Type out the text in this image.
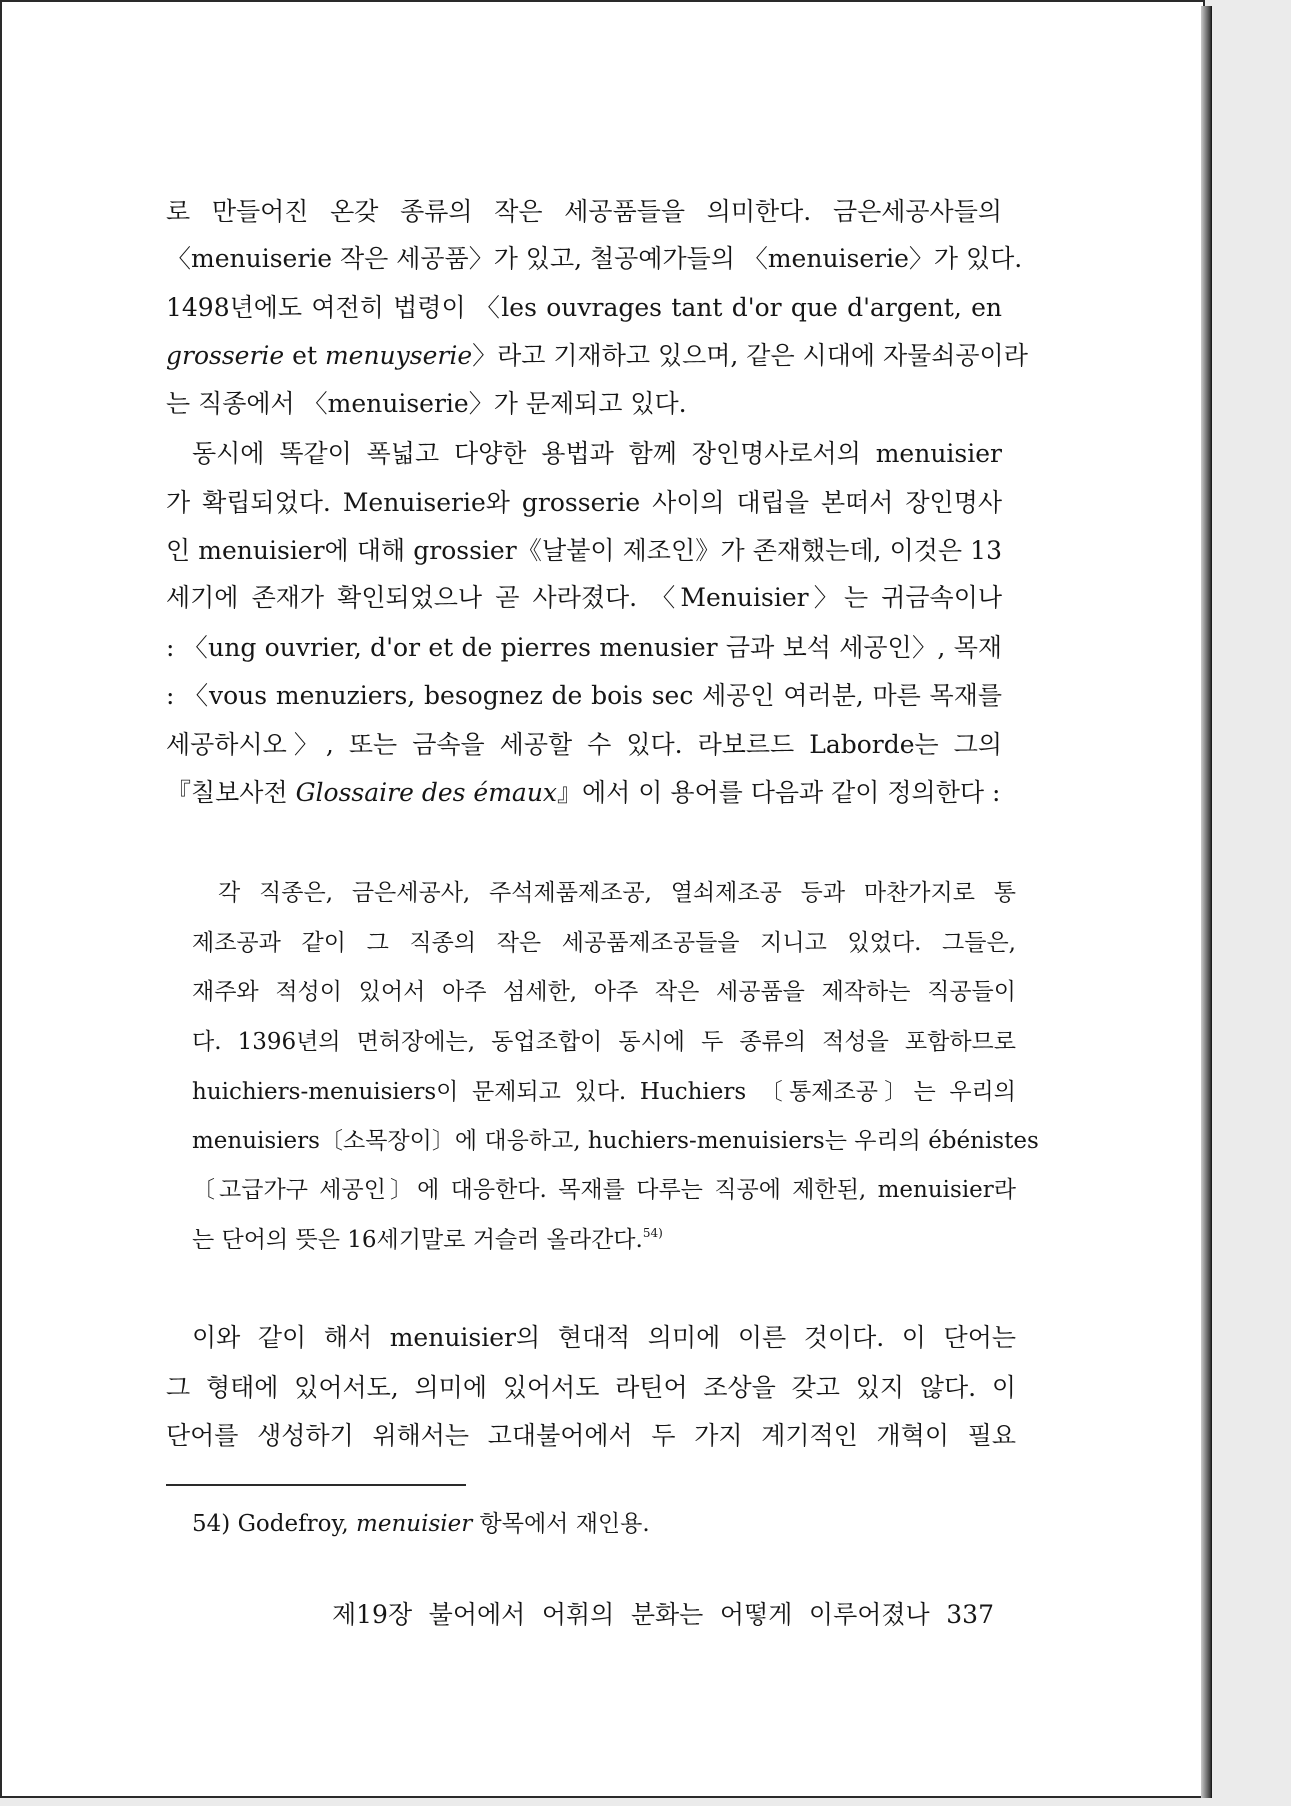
로 만들어진 온갖 종류의 작은 세공품들을 의미한다. 금은세공사들의

〈menuiserie 작은 세공품〉가 있고, 철공예가들의 〈menuiserie〉가 있다.

1498년에도 여전히 법령이 〈les ouvrages tant d'or que d'argent, en

grosserie et menuyserie〉라고 기재하고 있으며, 같은 시대에 자물쇠공이라

는 직종에서 〈menuiserie〉가 문제되고 있다.

동시에 똑같이 폭넓고 다양한 용법과 함께 장인명사로서의 menuisier

가 확립되었다. Menuiserie와 grosserie 사이의 대립을 본떠서 장인명사

인 menuisier에 대해 grossier《날붙이 제조인》가 존재했는데, 이것은 13

세기에 존재가 확인되었으나 곧 사라졌다. 〈Menuisier〉는 귀금속이나

: 〈ung ouvrier, d'or et de pierres menusier 금과 보석 세공인〉, 목재

: 〈vous menuziers, besognez de bois sec 세공인 여러분, 마른 목재를

세공하시오〉, 또는 금속을 세공할 수 있다. 라보르드 Laborde는 그의

『칠보사전 Glossaire des émaux』에서 이 용어를 다음과 같이 정의한다 :

각 직종은, 금은세공사, 주석제품제조공, 열쇠제조공 등과 마찬가지로 통

제조공과 같이 그 직종의 작은 세공품제조공들을 지니고 있었다. 그들은,

재주와 적성이 있어서 아주 섬세한, 아주 작은 세공품을 제작하는 직공들이

다. 1396년의 면허장에는, 동업조합이 동시에 두 종류의 적성을 포함하므로

huichiers-menuisiers이 문제되고 있다. Huchiers 〔통제조공〕는 우리의

menuisiers〔소목장이〕에 대응하고, huchiers-menuisiers는 우리의 ébénistes

〔고급가구 세공인〕에 대응한다. 목재를 다루는 직공에 제한된, menuisier라

는 단어의 뜻은 16세기말로 거슬러 올라간다.$^{54)}$

이와 같이 해서 menuisier의 현대적 의미에 이른 것이다. 이 단어는

그 형태에 있어서도, 의미에 있어서도 라틴어 조상을 갖고 있지 않다. 이

단어를 생성하기 위해서는 고대불어에서 두 가지 계기적인 개혁이 필요

54) Godefroy, menuisier 항목에서 재인용.

제19장 불어에서 어휘의 분화는 어떻게 이루어졌나 337
